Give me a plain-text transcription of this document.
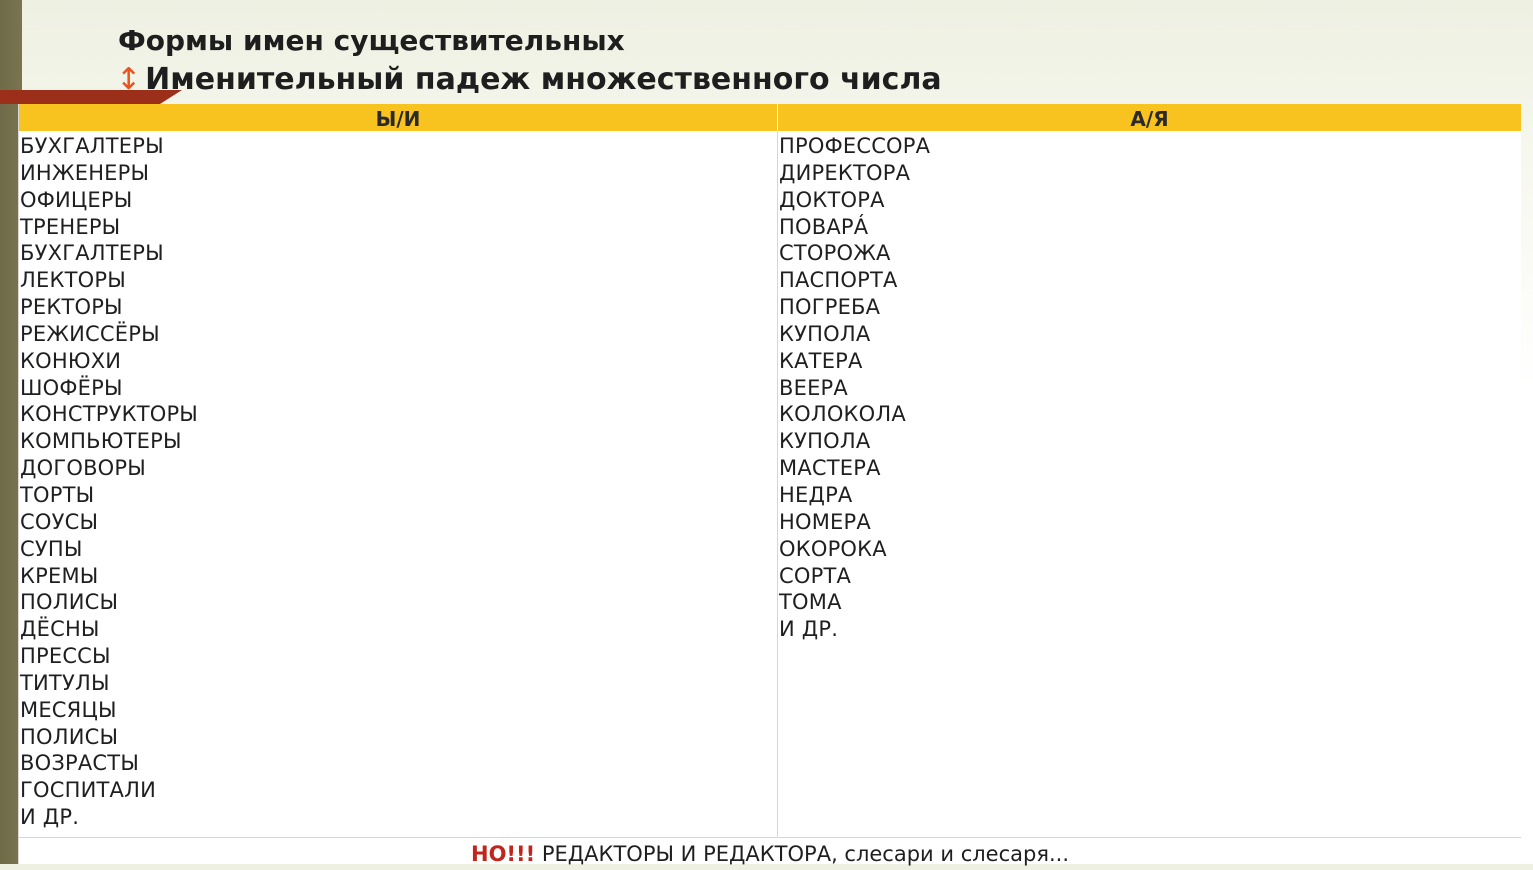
Формы имен существительных
↕ Именительный падеж множественного числа
Ы/И	А/Я
БУХГАЛТЕРЫ
ИНЖЕНЕРЫ
ОФИЦЕРЫ
ТРЕНЕРЫ
БУХГАЛТЕРЫ
ЛЕКТОРЫ
РЕКТОРЫ
РЕЖИССЁРЫ
КОНЮХИ
ШОФЁРЫ
КОНСТРУКТОРЫ
КОМПЬЮТЕРЫ
ДОГОВОРЫ
ТОРТЫ
СОУСЫ
СУПЫ
КРЕМЫ
ПОЛИСЫ
ДЁСНЫ
ПРЕССЫ
ТИТУЛЫ
МЕСЯЦЫ
ПОЛИСЫ
ВОЗРАСТЫ
ГОСПИТАЛИ
И ДР.
ПРОФЕССОРА
ДИРЕКТОРА
ДОКТОРА
ПОВАРÁ
СТОРОЖА
ПАСПОРТА
ПОГРЕБА
КУПОЛА
КАТЕРА
ВЕЕРА
КОЛОКОЛА
КУПОЛА
МАСТЕРА
НЕДРА
НОМЕРА
ОКОРОКА
СОРТА
ТОМА
И ДР.
НО!!! РЕДАКТОРЫ И РЕДАКТОРА, слесари и слесаря...
